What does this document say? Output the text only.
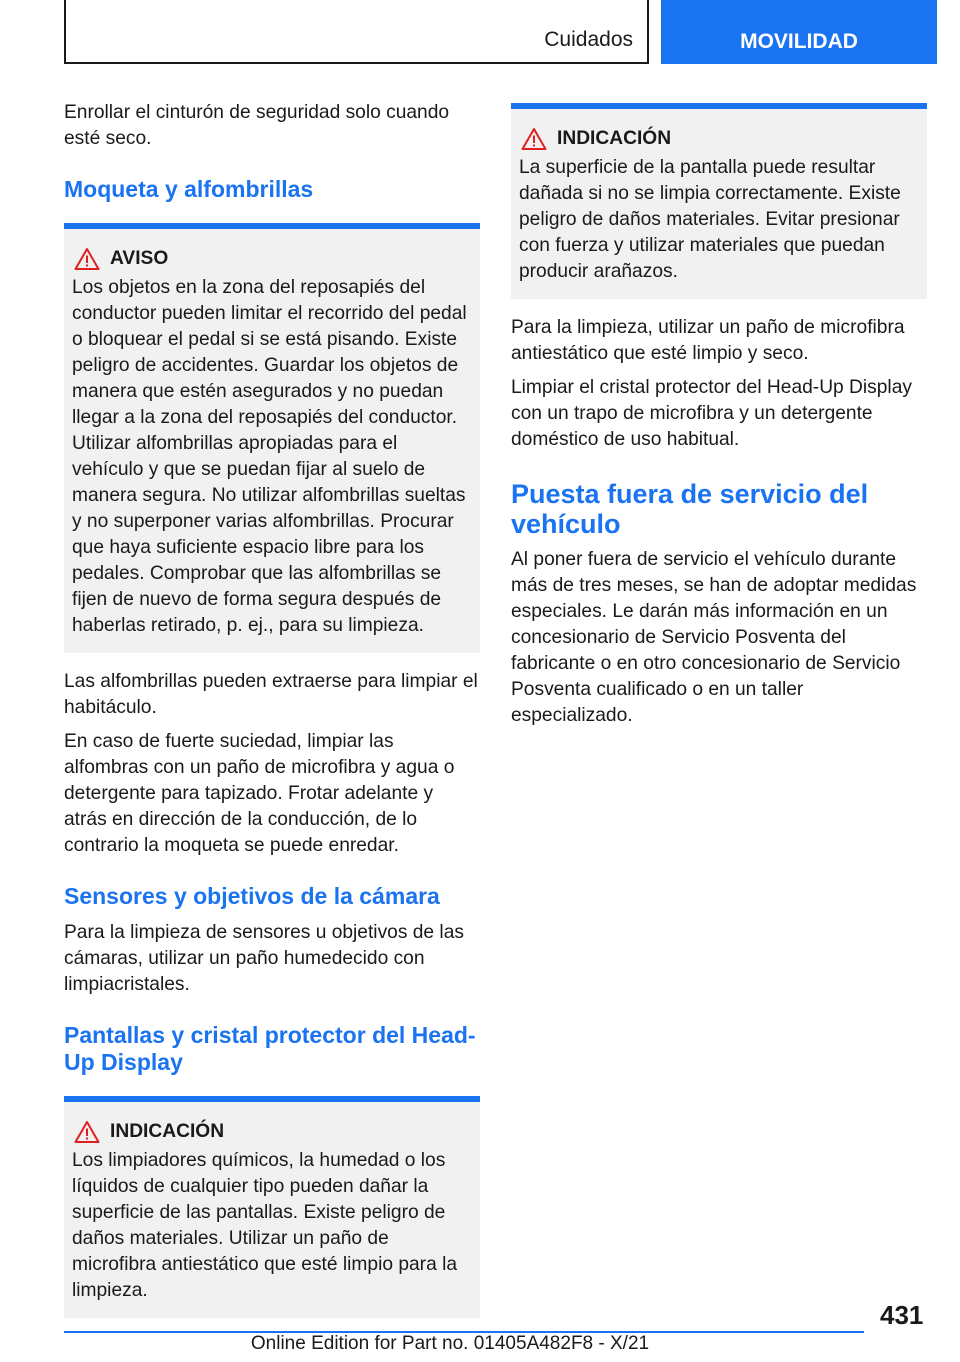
Cuidados	MOVILIDAD

Enrollar el cinturón de seguridad solo cuando esté seco.

Moqueta y alfombrillas
AVISO

Los objetos en la zona del reposapiés del conductor pueden limitar el recorrido del pedal o bloquear el pedal si se está pisando. Existe peligro de accidentes. Guardar los objetos de manera que estén asegurados y no puedan llegar a la zona del reposapiés del conductor. Utilizar alfombrillas apropiadas para el vehículo y que se puedan fijar al suelo de manera segura. No utilizar alfombrillas sueltas y no superponer varias alfombrillas. Procurar que haya suficiente espacio libre para los pedales. Comprobar que las alfombrillas se fijen de nuevo de forma segura después de haberlas retirado, p. ej., para su limpieza.

Las alfombrillas pueden extraerse para limpiar el habitáculo.

En caso de fuerte suciedad, limpiar las alfombras con un paño de microfibra y agua o detergente para tapizado. Frotar adelante y atrás en dirección de la conducción, de lo contrario la moqueta se puede enredar.

Sensores y objetivos de la cámara

Para la limpieza de sensores u objetivos de las cámaras, utilizar un paño humedecido con limpiacristales.

Pantallas y cristal protector del Head-Up Display
INDICACIÓN

Los limpiadores químicos, la humedad o los líquidos de cualquier tipo pueden dañar la superficie de las pantallas. Existe peligro de daños materiales. Utilizar un paño de microfibra antiestático que esté limpio para la limpieza.

INDICACIÓN

La superficie de la pantalla puede resultar dañada si no se limpia correctamente. Existe peligro de daños materiales. Evitar presionar con fuerza y utilizar materiales que puedan producir arañazos.

Para la limpieza, utilizar un paño de microfibra antiestático que esté limpio y seco.

Limpiar el cristal protector del Head-Up Display con un trapo de microfibra y un detergente doméstico de uso habitual.

Puesta fuera de servicio del vehículo

Al poner fuera de servicio el vehículo durante más de tres meses, se han de adoptar medidas especiales. Le darán más información en un concesionario de Servicio Posventa del fabricante o en otro concesionario de Servicio Posventa cualificado o en un taller especializado.

431
Online Edition for Part no. 01405A482F8 - X/21
